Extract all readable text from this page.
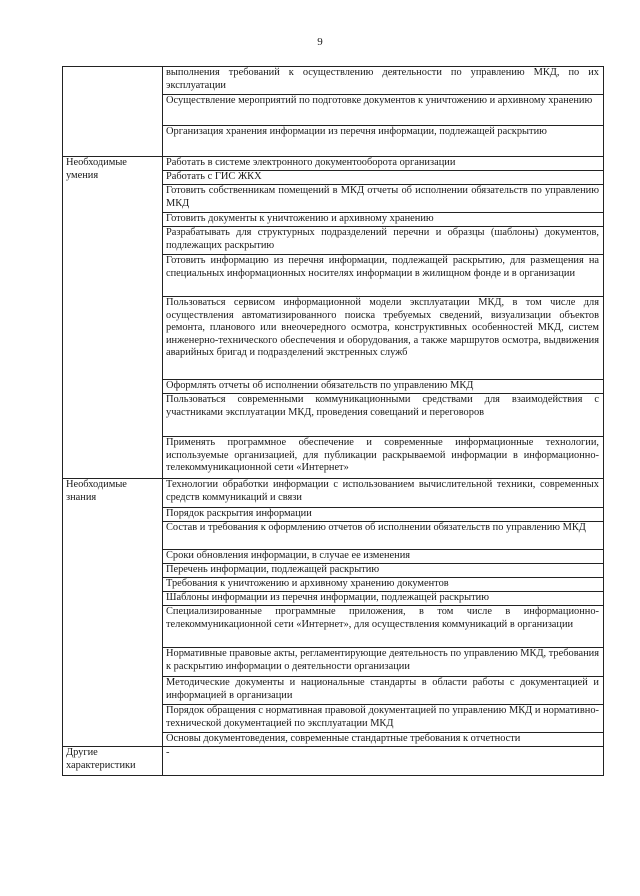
9
	выполнения требований к осуществлению деятельности по управлению МКД, по их эксплуатации
	Осуществление мероприятий по подготовке документов к уничтожению и архивному хранению
	Организация хранения информации из перечня информации, подлежащей раскрытию
Необходимые умения	Работать в системе электронного документооборота организации
	Работать с ГИС ЖКХ
	Готовить собственникам помещений в МКД отчеты об исполнении обязательств по управлению МКД
	Готовить документы к уничтожению и архивному хранению
	Разрабатывать для структурных подразделений перечни и образцы (шаблоны) документов, подлежащих раскрытию
	Готовить информацию из перечня информации, подлежащей раскрытию, для размещения на специальных информационных носителях информации в жилищном фонде и в организации
	Пользоваться сервисом информационной модели эксплуатации МКД, в том числе для осуществления автоматизированного поиска требуемых сведений, визуализации объектов ремонта, планового или внеочередного осмотра, конструктивных особенностей МКД, систем инженерно-технического обеспечения и оборудования, а также маршрутов осмотра, выдвижения аварийных бригад и подразделений экстренных служб
	Оформлять отчеты об исполнении обязательств по управлению МКД
	Пользоваться современными коммуникационными средствами для взаимодействия с участниками эксплуатации МКД, проведения совещаний и переговоров
	Применять программное обеспечение и современные информационные технологии, используемые организацией, для публикации раскрываемой информации в информационно-телекоммуникационной сети «Интернет»
Необходимые знания	Технологии обработки информации с использованием вычислительной техники, современных средств коммуникаций и связи
	Порядок раскрытия информации
	Состав и требования к оформлению отчетов об исполнении обязательств по управлению МКД
	Сроки обновления информации, в случае ее изменения
	Перечень информации, подлежащей раскрытию
	Требования к уничтожению и архивному хранению документов
	Шаблоны информации из перечня информации, подлежащей раскрытию
	Специализированные программные приложения, в том числе в информационно-телекоммуникационной сети «Интернет», для осуществления коммуникаций в организации
	Нормативные правовые акты, регламентирующие деятельность по управлению МКД, требования к раскрытию информации о деятельности организации
	Методические документы и национальные стандарты в области работы с документацией и информацией в организации
	Порядок обращения с нормативная правовой документацией по управлению МКД и нормативно-технической документацией по эксплуатации МКД
	Основы документоведения, современные стандартные требования к отчетности
Другие характеристики	-
